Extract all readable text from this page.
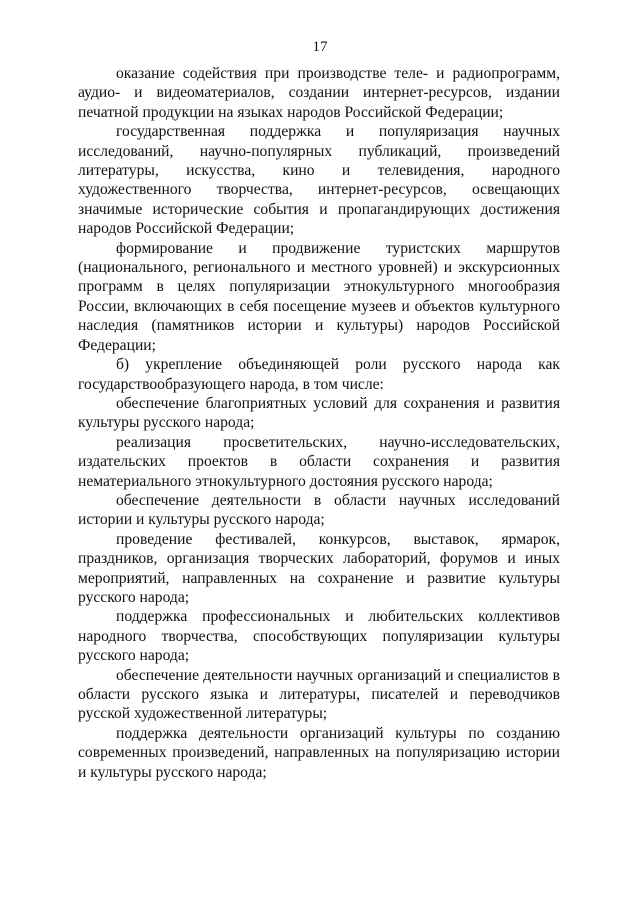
17

оказание содействия при производстве теле- и радиопрограмм, аудио- и видеоматериалов, создании интернет-ресурсов, издании печатной продукции на языках народов Российской Федерации;

государственная поддержка и популяризация научных исследований, научно-популярных публикаций, произведений литературы, искусства, кино и телевидения, народного художественного творчества, интернет-ресурсов, освещающих значимые исторические события и пропагандирующих достижения народов Российской Федерации;

формирование и продвижение туристских маршрутов (национального, регионального и местного уровней) и экскурсионных программ в целях популяризации этнокультурного многообразия России, включающих в себя посещение музеев и объектов культурного наследия (памятников истории и культуры) народов Российской Федерации;

б) укрепление объединяющей роли русского народа как государствообразующего народа, в том числе:

обеспечение благоприятных условий для сохранения и развития культуры русского народа;

реализация просветительских, научно-исследовательских, издательских проектов в области сохранения и развития нематериального этнокультурного достояния русского народа;

обеспечение деятельности в области научных исследований истории и культуры русского народа;

проведение фестивалей, конкурсов, выставок, ярмарок, праздников, организация творческих лабораторий, форумов и иных мероприятий, направленных на сохранение и развитие культуры русского народа;

поддержка профессиональных и любительских коллективов народного творчества, способствующих популяризации культуры русского народа;

обеспечение деятельности научных организаций и специалистов в области русского языка и литературы, писателей и переводчиков русской художественной литературы;

поддержка деятельности организаций культуры по созданию современных произведений, направленных на популяризацию истории и культуры русского народа;
